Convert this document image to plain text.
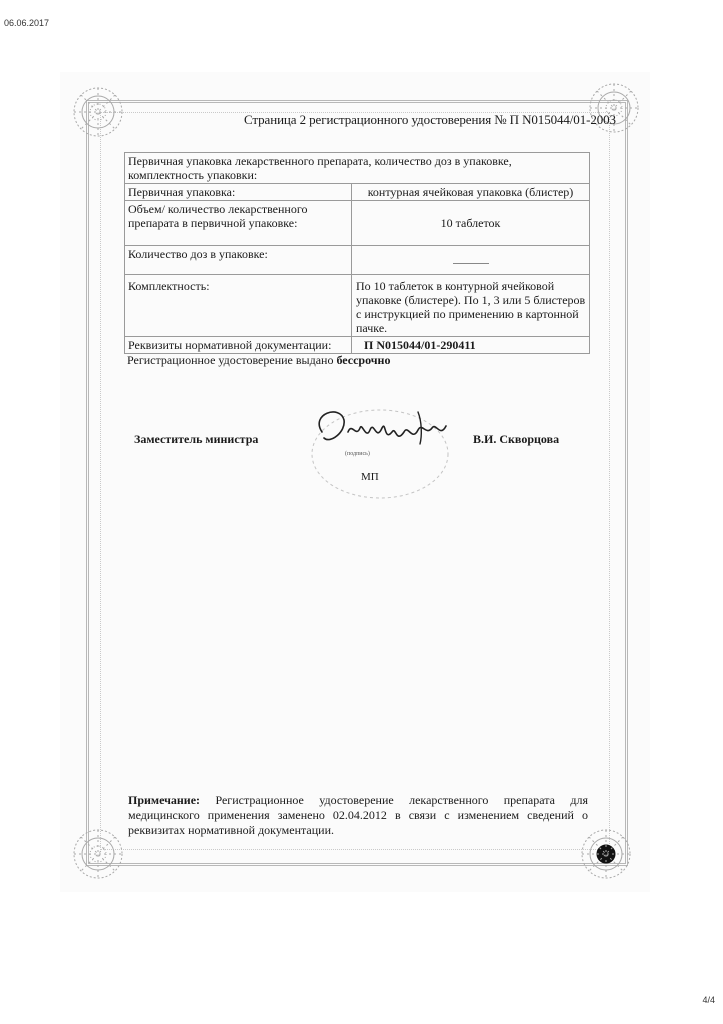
06.06.2017
Страница 2 регистрационного удостоверения № П N015044/01-2003
Первичная упаковка лекарственного препарата, количество доз в упаковке, комплектность упаковки:	
Первичная упаковка:	контурная ячейковая упаковка (блистер)
Объем/ количество лекарственного препарата в первичной упаковке:	10 таблеток
Количество доз в упаковке:	
Комплектность:	По 10 таблеток в контурной ячейковой упаковке (блистере). По 1, 3 или 5 блистеров с инструкцией по применению в картонной пачке.
Реквизиты нормативной документации:	П N015044/01-290411
Регистрационное удостоверение выдано бессрочно
Заместитель министра
(подпись)
МП
В.И. Скворцова
Примечание: Регистрационное удостоверение лекарственного препарата для медицинского применения заменено 02.04.2012 в связи с изменением сведений о реквизитах нормативной документации.
4/4
